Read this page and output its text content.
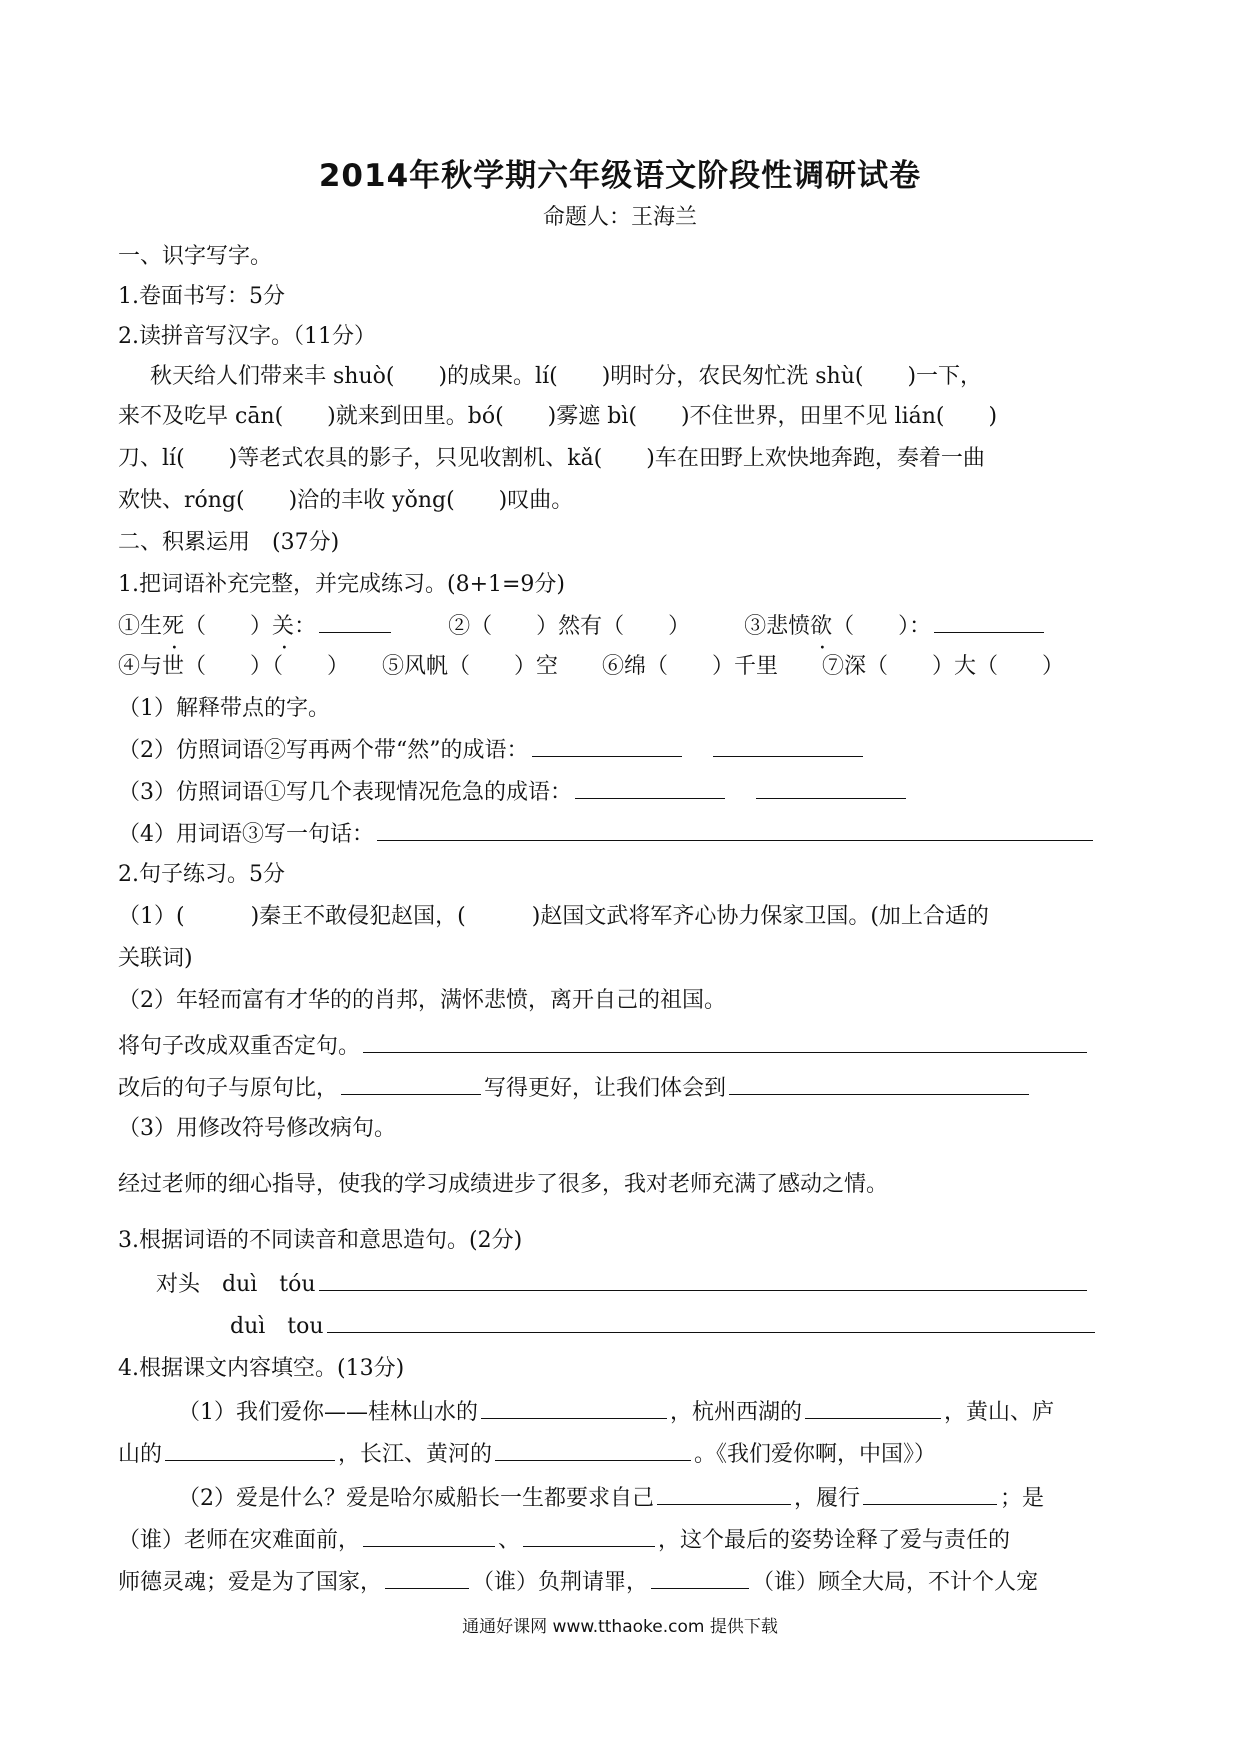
2014年秋学期六年级语文阶段性调研试卷
命题人：王海兰
一、识字写字。
1.卷面书写：5分
2.读拼音写汉字。（11分）
秋天给人们带来丰 shuò(　　)的成果。lí(　　)明时分，农民匆忙洗 shù(　　)一下，
来不及吃早 cān(　　)就来到田里。bó(　　)雾遮 bì(　　)不住世界，田里不见 lián(　　)
刀、lí(　　)等老式农具的影子，只见收割机、kǎ(　　)车在田野上欢快地奔跑，奏着一曲
欢快、róng(　　)洽的丰收 yǒng(　　)叹曲。
二、积累运用　(37分)
1.把词语补充完整，并完成练习。(8+1=9分)
①生死（　　）关：	②（　　）然有（　　） ③悲愤欲（　　）：
④与世（　　）（　　）　　⑤风帆（　　）空　　⑥绵（　　）千里　　⑦深（　　）大（　　）
（1）解释带点的字。
（2）仿照词语②写再两个带“然”的成语：
（3）仿照词语①写几个表现情况危急的成语：
（4）用词语③写一句话：
2.句子练习。5分
（1）(　　　)秦王不敢侵犯赵国，(　　　)赵国文武将军齐心协力保家卫国。(加上合适的
关联词)
（2）年轻而富有才华的的肖邦，满怀悲愤，离开自己的祖国。
将句子改成双重否定句。
改后的句子与原句比，	写得更好，让我们体会到
（3）用修改符号修改病句。
经过老师的细心指导，使我的学习成绩进步了很多，我对老师充满了感动之情。
3.根据词语的不同读音和意思造句。(2分)
对头　duì　tóu
duì　tou
4.根据课文内容填空。(13分)
（1）我们爱你——桂林山水的	，杭州西湖的	，黄山、庐
山的	，长江、黄河的	。《我们爱你啊，中国》）
（2）爱是什么？爱是哈尔威船长一生都要求自己	，履行	；是
（谁）老师在灾难面前，	、	，这个最后的姿势诠释了爱与责任的
师德灵魂；爱是为了国家，	（谁）负荆请罪，	（谁）顾全大局，不计个人宠
通通好课网 www.tthaoke.com 提供下载
